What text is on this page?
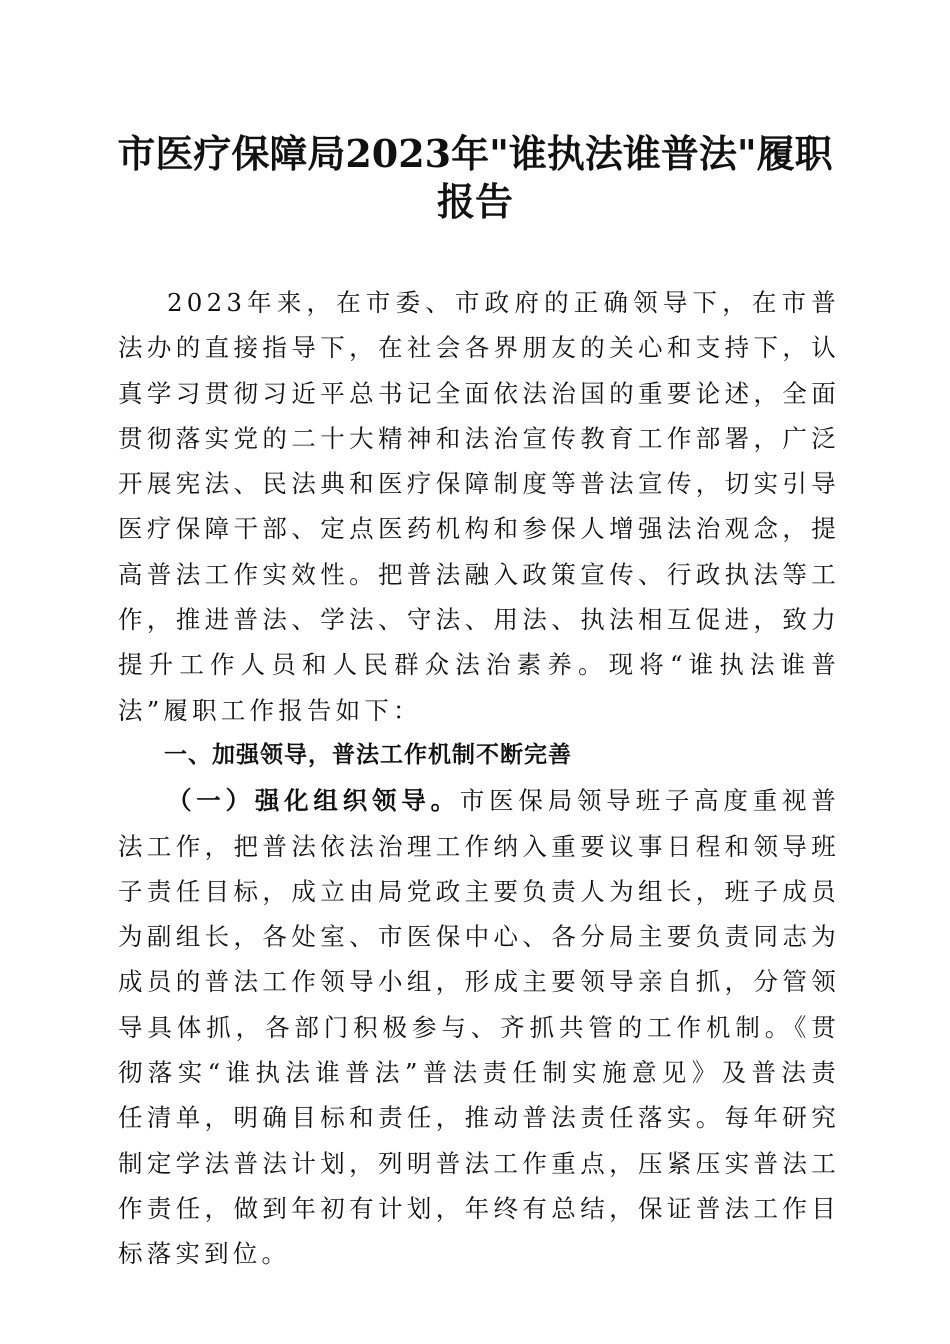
市医疗保障局2023年"谁执法谁普法"履职报告

2023年来，在市委、市政府的正确领导下，在市普法办的直接指导下，在社会各界朋友的关心和支持下，认真学习贯彻习近平总书记全面依法治国的重要论述，全面贯彻落实党的二十大精神和法治宣传教育工作部署，广泛开展宪法、民法典和医疗保障制度等普法宣传，切实引导医疗保障干部、定点医药机构和参保人增强法治观念，提高普法工作实效性。把普法融入政策宣传、行政执法等工作，推进普法、学法、守法、用法、执法相互促进，致力提升工作人员和人民群众法治素养。现将“谁执法谁普法”履职工作报告如下：

一、加强领导，普法工作机制不断完善

（一）强化组织领导。市医保局领导班子高度重视普法工作，把普法依法治理工作纳入重要议事日程和领导班子责任目标，成立由局党政主要负责人为组长，班子成员为副组长，各处室、市医保中心、各分局主要负责同志为成员的普法工作领导小组，形成主要领导亲自抓，分管领导具体抓，各部门积极参与、齐抓共管的工作机制。《贯彻落实“谁执法谁普法”普法责任制实施意见》及普法责任清单，明确目标和责任，推动普法责任落实。每年研究制定学法普法计划，列明普法工作重点，压紧压实普法工作责任，做到年初有计划，年终有总结，保证普法工作目标落实到位。
